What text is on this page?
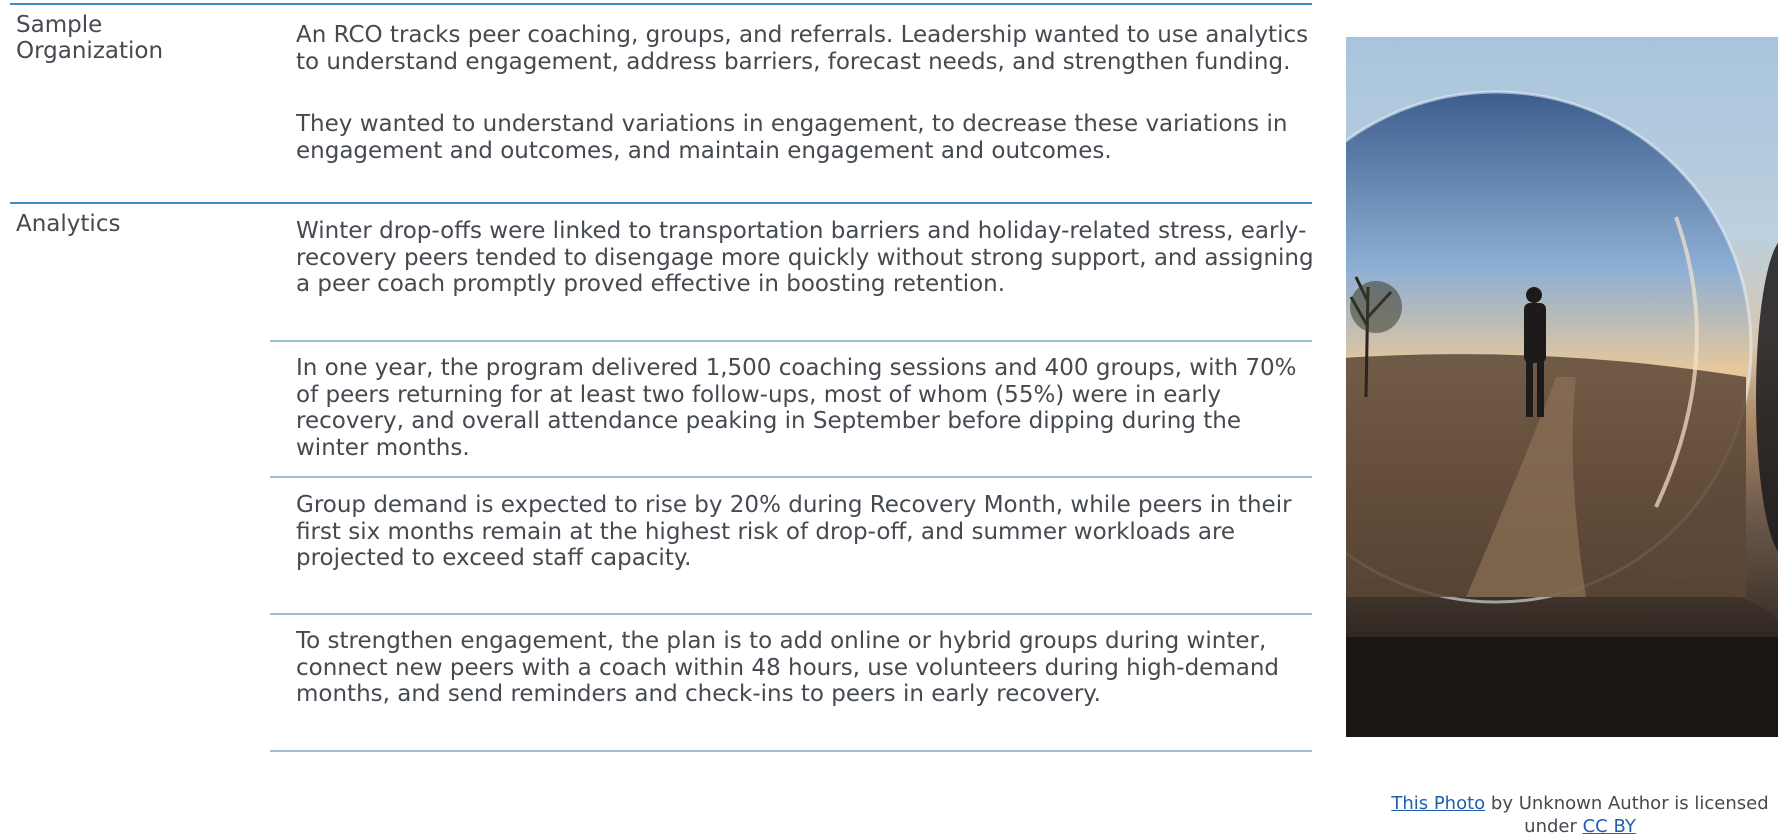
Sample Organization

An RCO tracks peer coaching, groups, and referrals. Leadership wanted to use analytics to understand engagement, address barriers, forecast needs, and strengthen funding.

They wanted to understand variations in engagement, to decrease these variations in engagement and outcomes, and maintain engagement and outcomes.

Analytics	Winter drop-offs were linked to transportation barriers and holiday-related stress, early-recovery peers tended to disengage more quickly without strong support, and assigning a peer coach promptly proved effective in boosting retention.

In one year, the program delivered 1,500 coaching sessions and 400 groups, with 70% of peers returning for at least two follow-ups, most of whom (55%) were in early recovery, and overall attendance peaking in September before dipping during the winter months.

Group demand is expected to rise by 20% during Recovery Month, while peers in their first six months remain at the highest risk of drop-off, and summer workloads are projected to exceed staff capacity.

To strengthen engagement, the plan is to add online or hybrid groups during winter, connect new peers with a coach within 48 hours, use volunteers during high-demand months, and send reminders and check-ins to peers in early recovery.

This Photo by Unknown Author is licensed under CC BY
